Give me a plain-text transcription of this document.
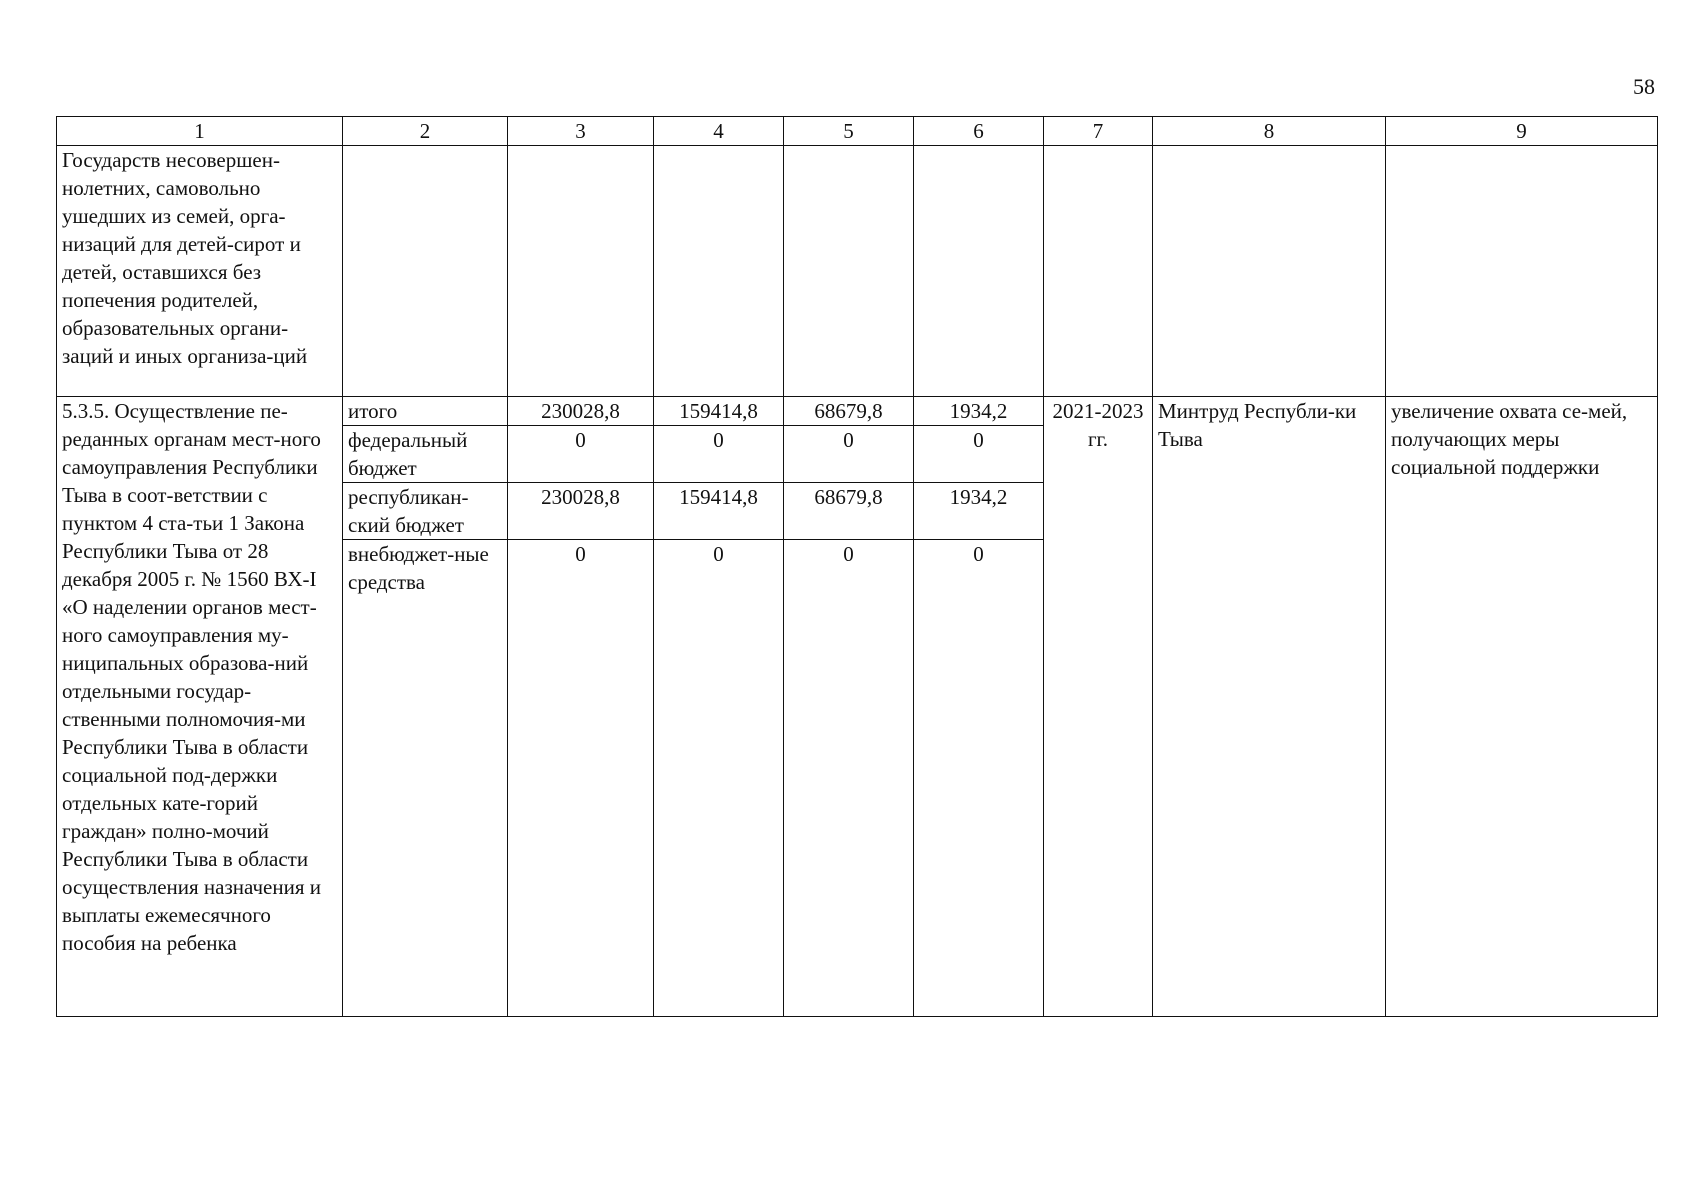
58
1	2	3	4	5	6	7	8	9
Государств несовершен-нолетних, самовольно ушедших из семей, орга-низаций для детей-сирот и детей, оставшихся без попечения родителей, образовательных органи-заций и иных организа-ций								
5.3.5. Осуществление пе-реданных органам мест-ного самоуправления Республики Тыва в соот-ветствии с пунктом 4 ста-тьи 1 Закона Республики Тыва от 28 декабря 2005 г. № 1560 ВХ-I «О наделении органов мест-ного самоуправления му-ниципальных образова-ний отдельными государ-ственными полномочия-ми Республики Тыва в области социальной под-держки отдельных кате-горий граждан» полно-мочий Республики Тыва в области осуществления назначения и выплаты ежемесячного пособия на ребенка	итого	230028,8	159414,8	68679,8	1934,2	2021-2023 гг.	Минтруд Республи-ки Тыва	увеличение охвата се-мей, получающих меры социальной поддержки
	федеральный бюджет	0	0	0	0			
	республикан-ский бюджет	230028,8	159414,8	68679,8	1934,2			
	внебюджет-ные средства	0	0	0	0			
